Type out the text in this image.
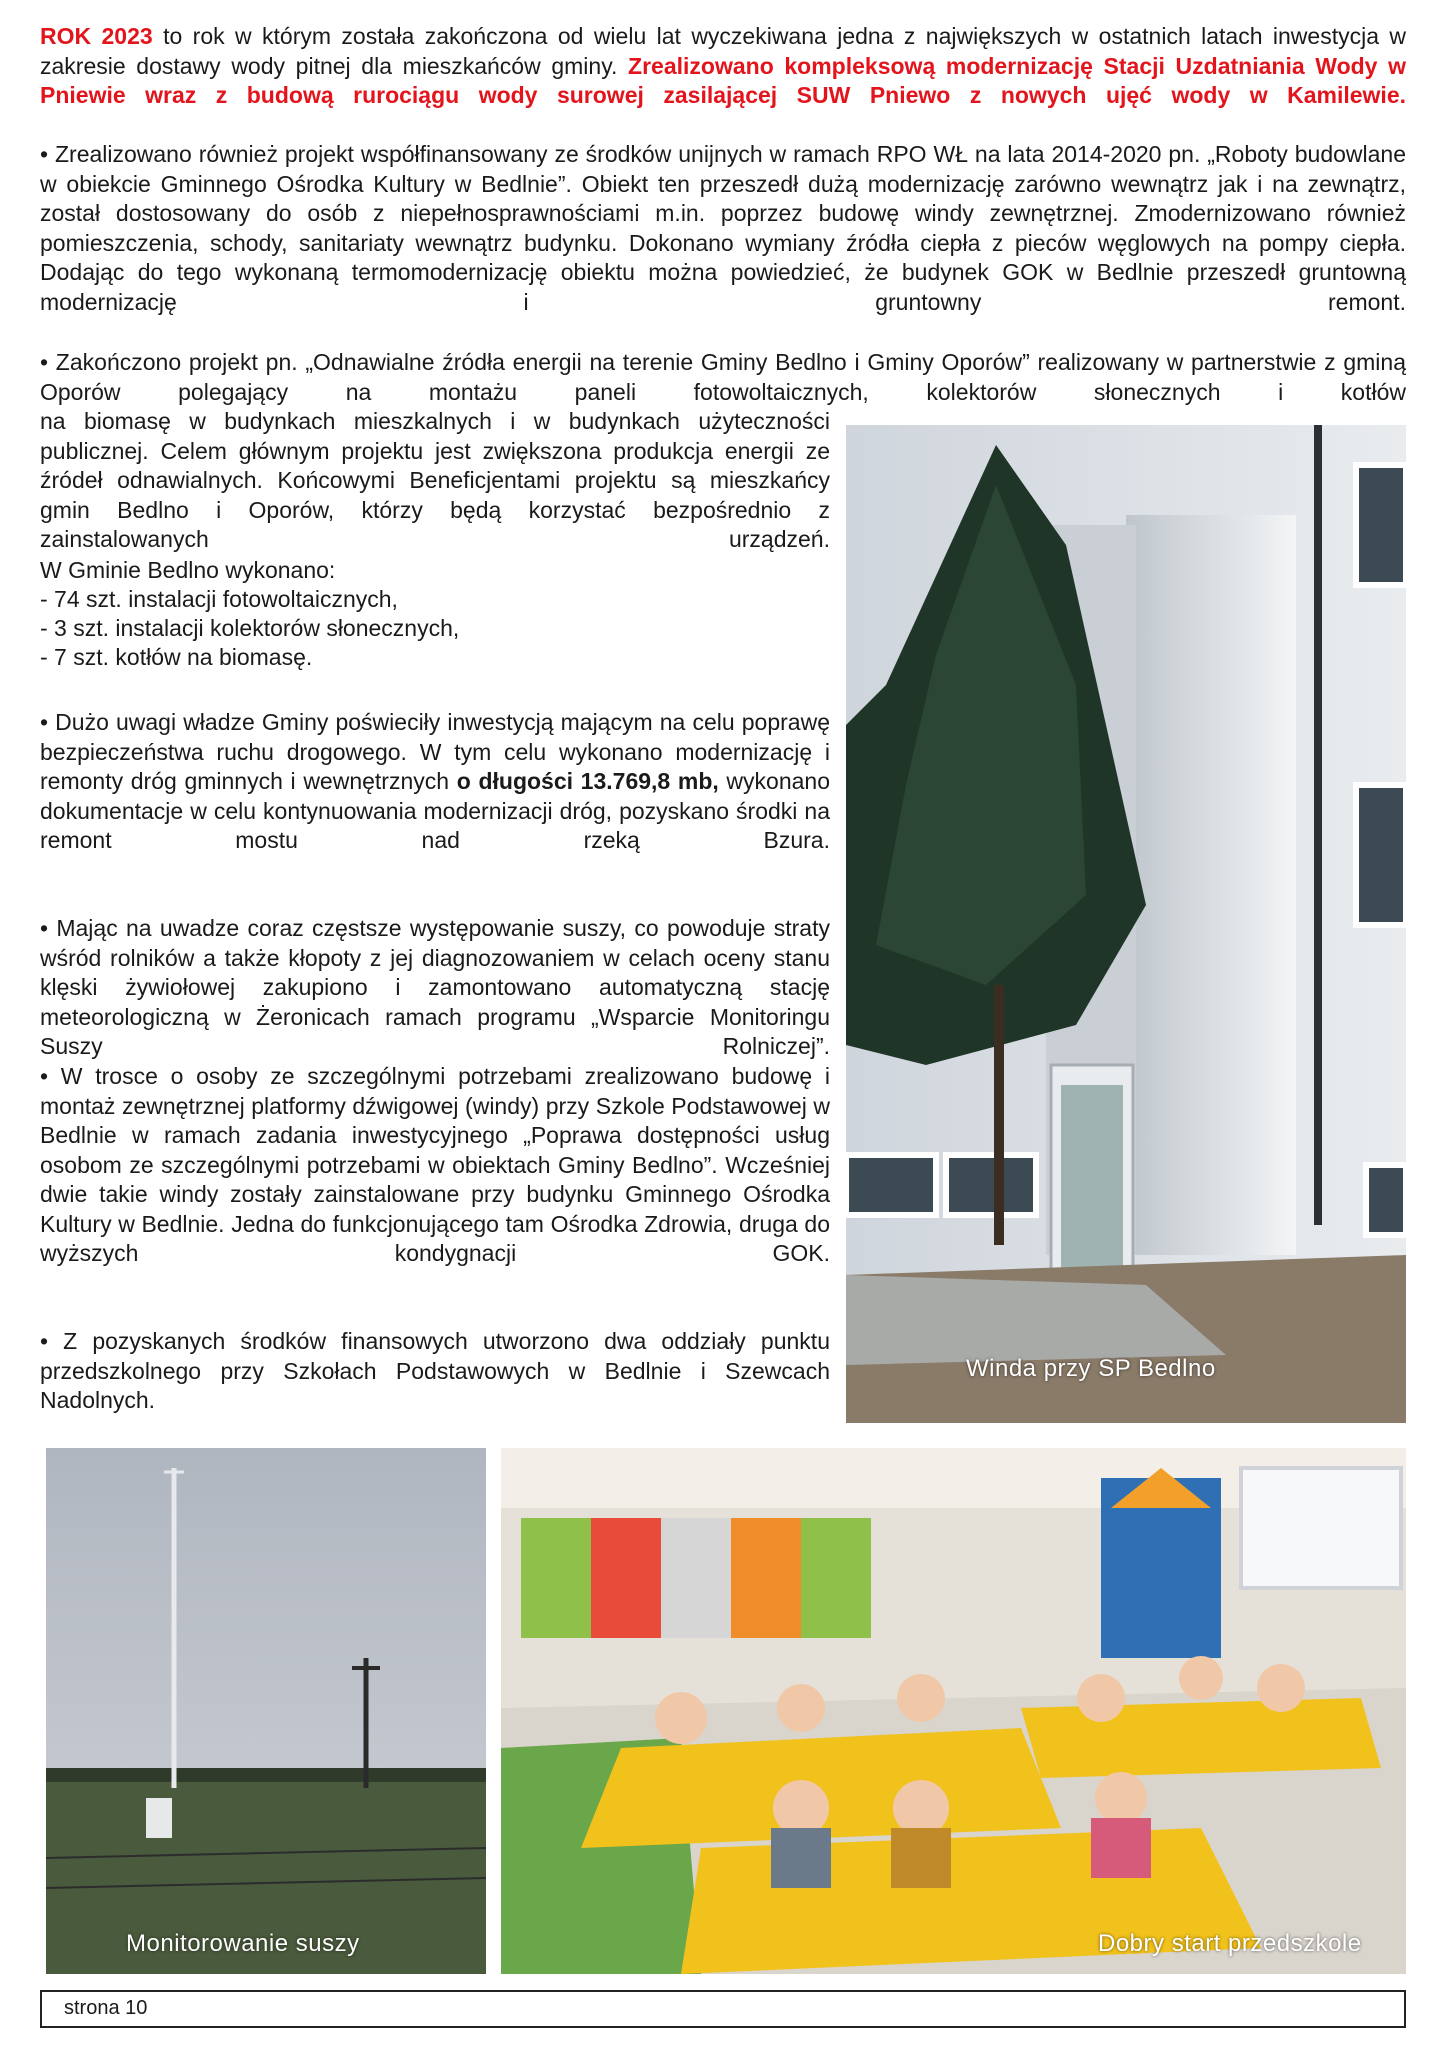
ROK 2023 to rok w którym została zakończona od wielu lat wyczekiwana jedna z największych w ostatnich latach inwestycja w zakresie dostawy wody pitnej dla mieszkańców gminy. Zrealizowano kompleksową modernizację Stacji Uzdatniania Wody w Pniewie wraz z budową rurociągu wody surowej zasilającej SUW Pniewo z nowych ujęć wody w Kamilewie.

• Zrealizowano również projekt współfinansowany ze środków unijnych w ramach RPO WŁ na lata 2014-2020 pn. „Roboty budowlane w obiekcie Gminnego Ośrodka Kultury w Bedlnie”. Obiekt ten przeszedł dużą modernizację zarówno wewnątrz jak i na zewnątrz, został dostosowany do osób z niepełnosprawnościami m.in. poprzez budowę windy zewnętrznej. Zmodernizowano również pomieszczenia, schody, sanitariaty wewnątrz budynku. Dokonano wymiany źródła ciepła z pieców węglowych na pompy ciepła. Dodając do tego wykonaną termomodernizację obiektu można powiedzieć, że budynek GOK w Bedlnie przeszedł gruntowną modernizację i gruntowny remont.

• Zakończono projekt pn. „Odnawialne źródła energii na terenie Gminy Bedlno i Gminy Oporów” realizowany w partnerstwie z gminą Oporów polegający na montażu paneli fotowoltaicznych, kolektorów słonecznych i kotłów

na biomasę w budynkach mieszkalnych i w budynkach użyteczności publicznej. Celem głównym projektu jest zwiększona produkcja energii ze źródeł odnawialnych. Końcowymi Beneficjentami projektu są mieszkańcy gmin Bedlno i Oporów, którzy będą korzystać bezpośrednio z zainstalowanych urządzeń.

W Gminie Bedlno wykonano:

- 74 szt. instalacji fotowoltaicznych,

- 3 szt. instalacji kolektorów słonecznych,

- 7 szt. kotłów na biomasę.

• Dużo uwagi władze Gminy poświeciły inwestycją mającym na celu poprawę bezpieczeństwa ruchu drogowego. W tym celu wykonano modernizację i remonty dróg gminnych i wewnętrznych o długości 13.769,8 mb, wykonano dokumentacje w celu kontynuowania modernizacji dróg, pozyskano środki na remont mostu nad rzeką Bzura.

• Mając na uwadze coraz częstsze występowanie suszy, co powoduje straty wśród rolników a także kłopoty z jej diagnozowaniem w celach oceny stanu klęski żywiołowej zakupiono i zamontowano automatyczną stację meteorologiczną w Żeronicach ramach programu „Wsparcie Monitoringu Suszy Rolniczej”.

• W trosce o osoby ze szczególnymi potrzebami zrealizowano budowę i montaż zewnętrznej platformy dźwigowej (windy) przy Szkole Podstawowej w Bedlnie w ramach zadania inwestycyjnego „Poprawa dostępności usług osobom ze szczególnymi potrzebami w obiektach Gminy Bedlno”. Wcześniej dwie takie windy zostały zainstalowane przy budynku Gminnego Ośrodka Kultury w Bedlnie. Jedna do funkcjonującego tam Ośrodka Zdrowia, druga do wyższych kondygnacji GOK.

• Z pozyskanych środków finansowych utworzono dwa oddziały punktu przedszkolnego przy Szkołach Podstawowych w Bedlnie i Szewcach Nadolnych.

Winda przy SP Bedlno
Monitorowanie suszy	Dobry start przedszkole
strona 10
